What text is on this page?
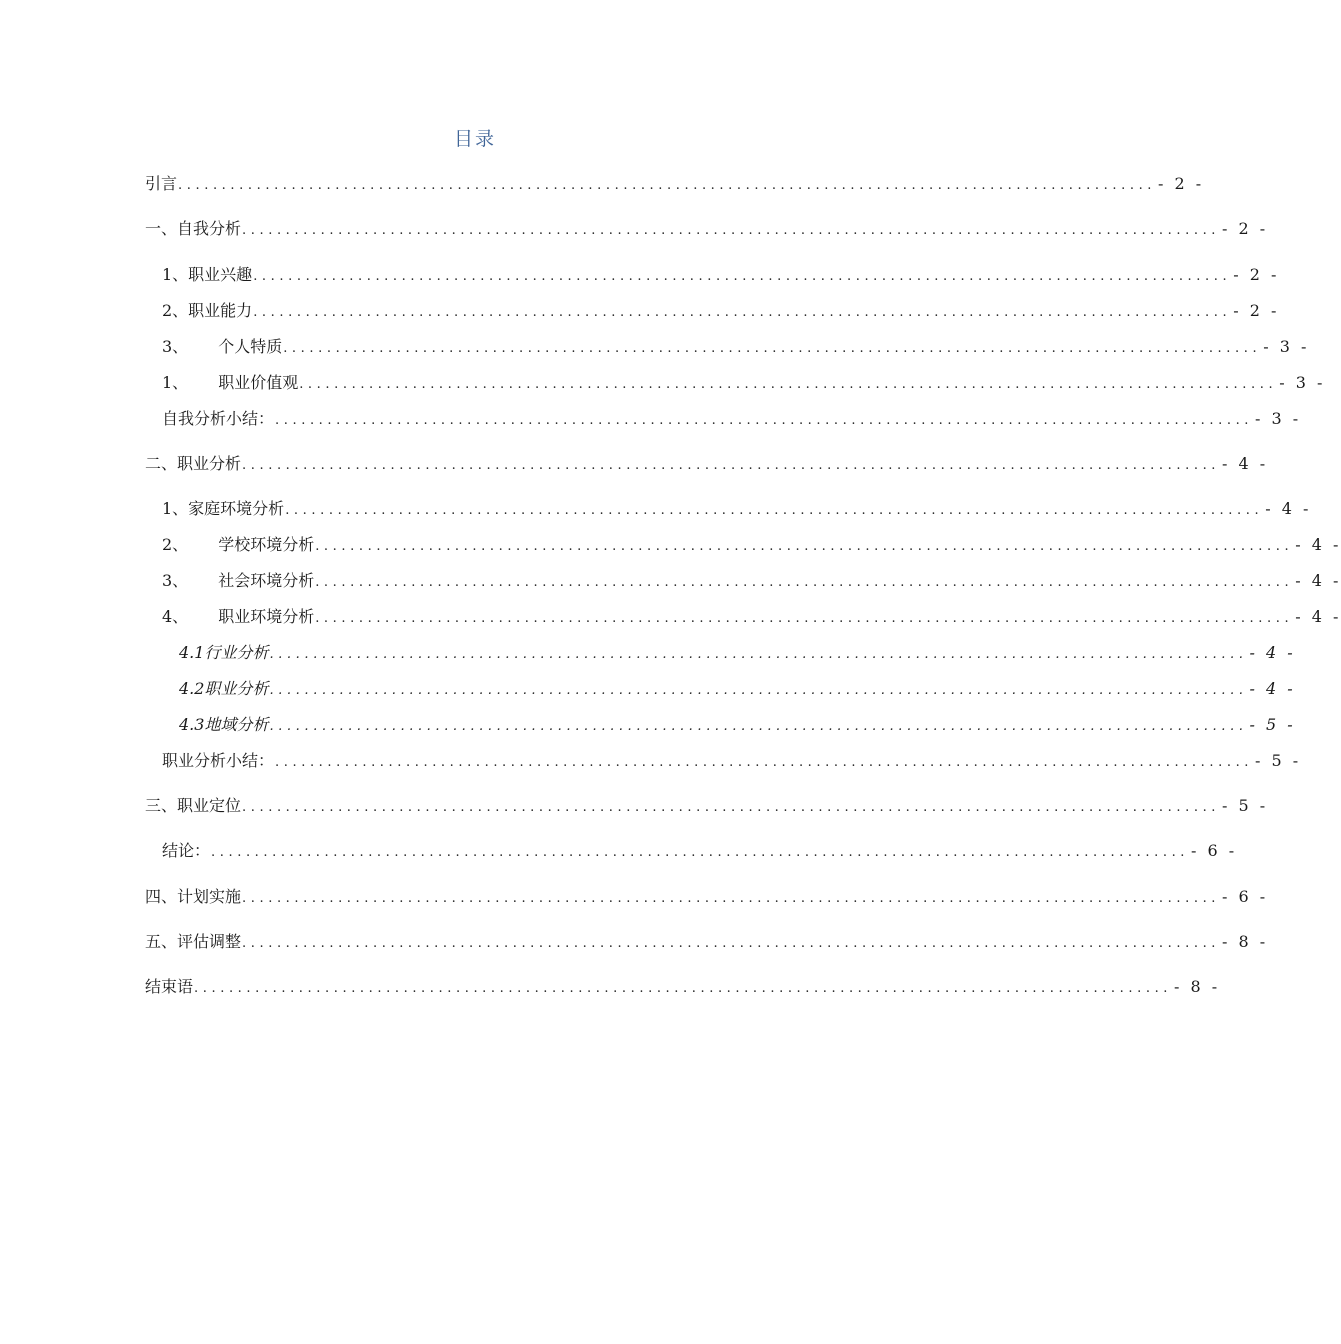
目录
引言 ................................................................................................................ - 2 -
一、自我分析 ................................................................................................................ - 2 -
1、职业兴趣 ................................................................................................................ - 2 -
2、职业能力 ................................................................................................................ - 2 -
3、 个人特质 ................................................................................................................ - 3 -
1、 职业价值观 ................................................................................................................ - 3 -
自我分析小结： ................................................................................................................ - 3 -
二、职业分析 ................................................................................................................ - 4 -
1、家庭环境分析 ................................................................................................................ - 4 -
2、 学校环境分析 ................................................................................................................ - 4 -
3、 社会环境分析 ................................................................................................................ - 4 -
4、 职业环境分析 ................................................................................................................ - 4 -
4.1行业分析 ................................................................................................................ - 4 -
4.2职业分析 ................................................................................................................ - 4 -
4.3地域分析 ................................................................................................................ - 5 -
职业分析小结： ................................................................................................................ - 5 -
三、职业定位 ................................................................................................................ - 5 -
结论： ................................................................................................................ - 6 -
四、计划实施 ................................................................................................................ - 6 -
五、评估调整 ................................................................................................................ - 8 -
结束语 ................................................................................................................ - 8 -
